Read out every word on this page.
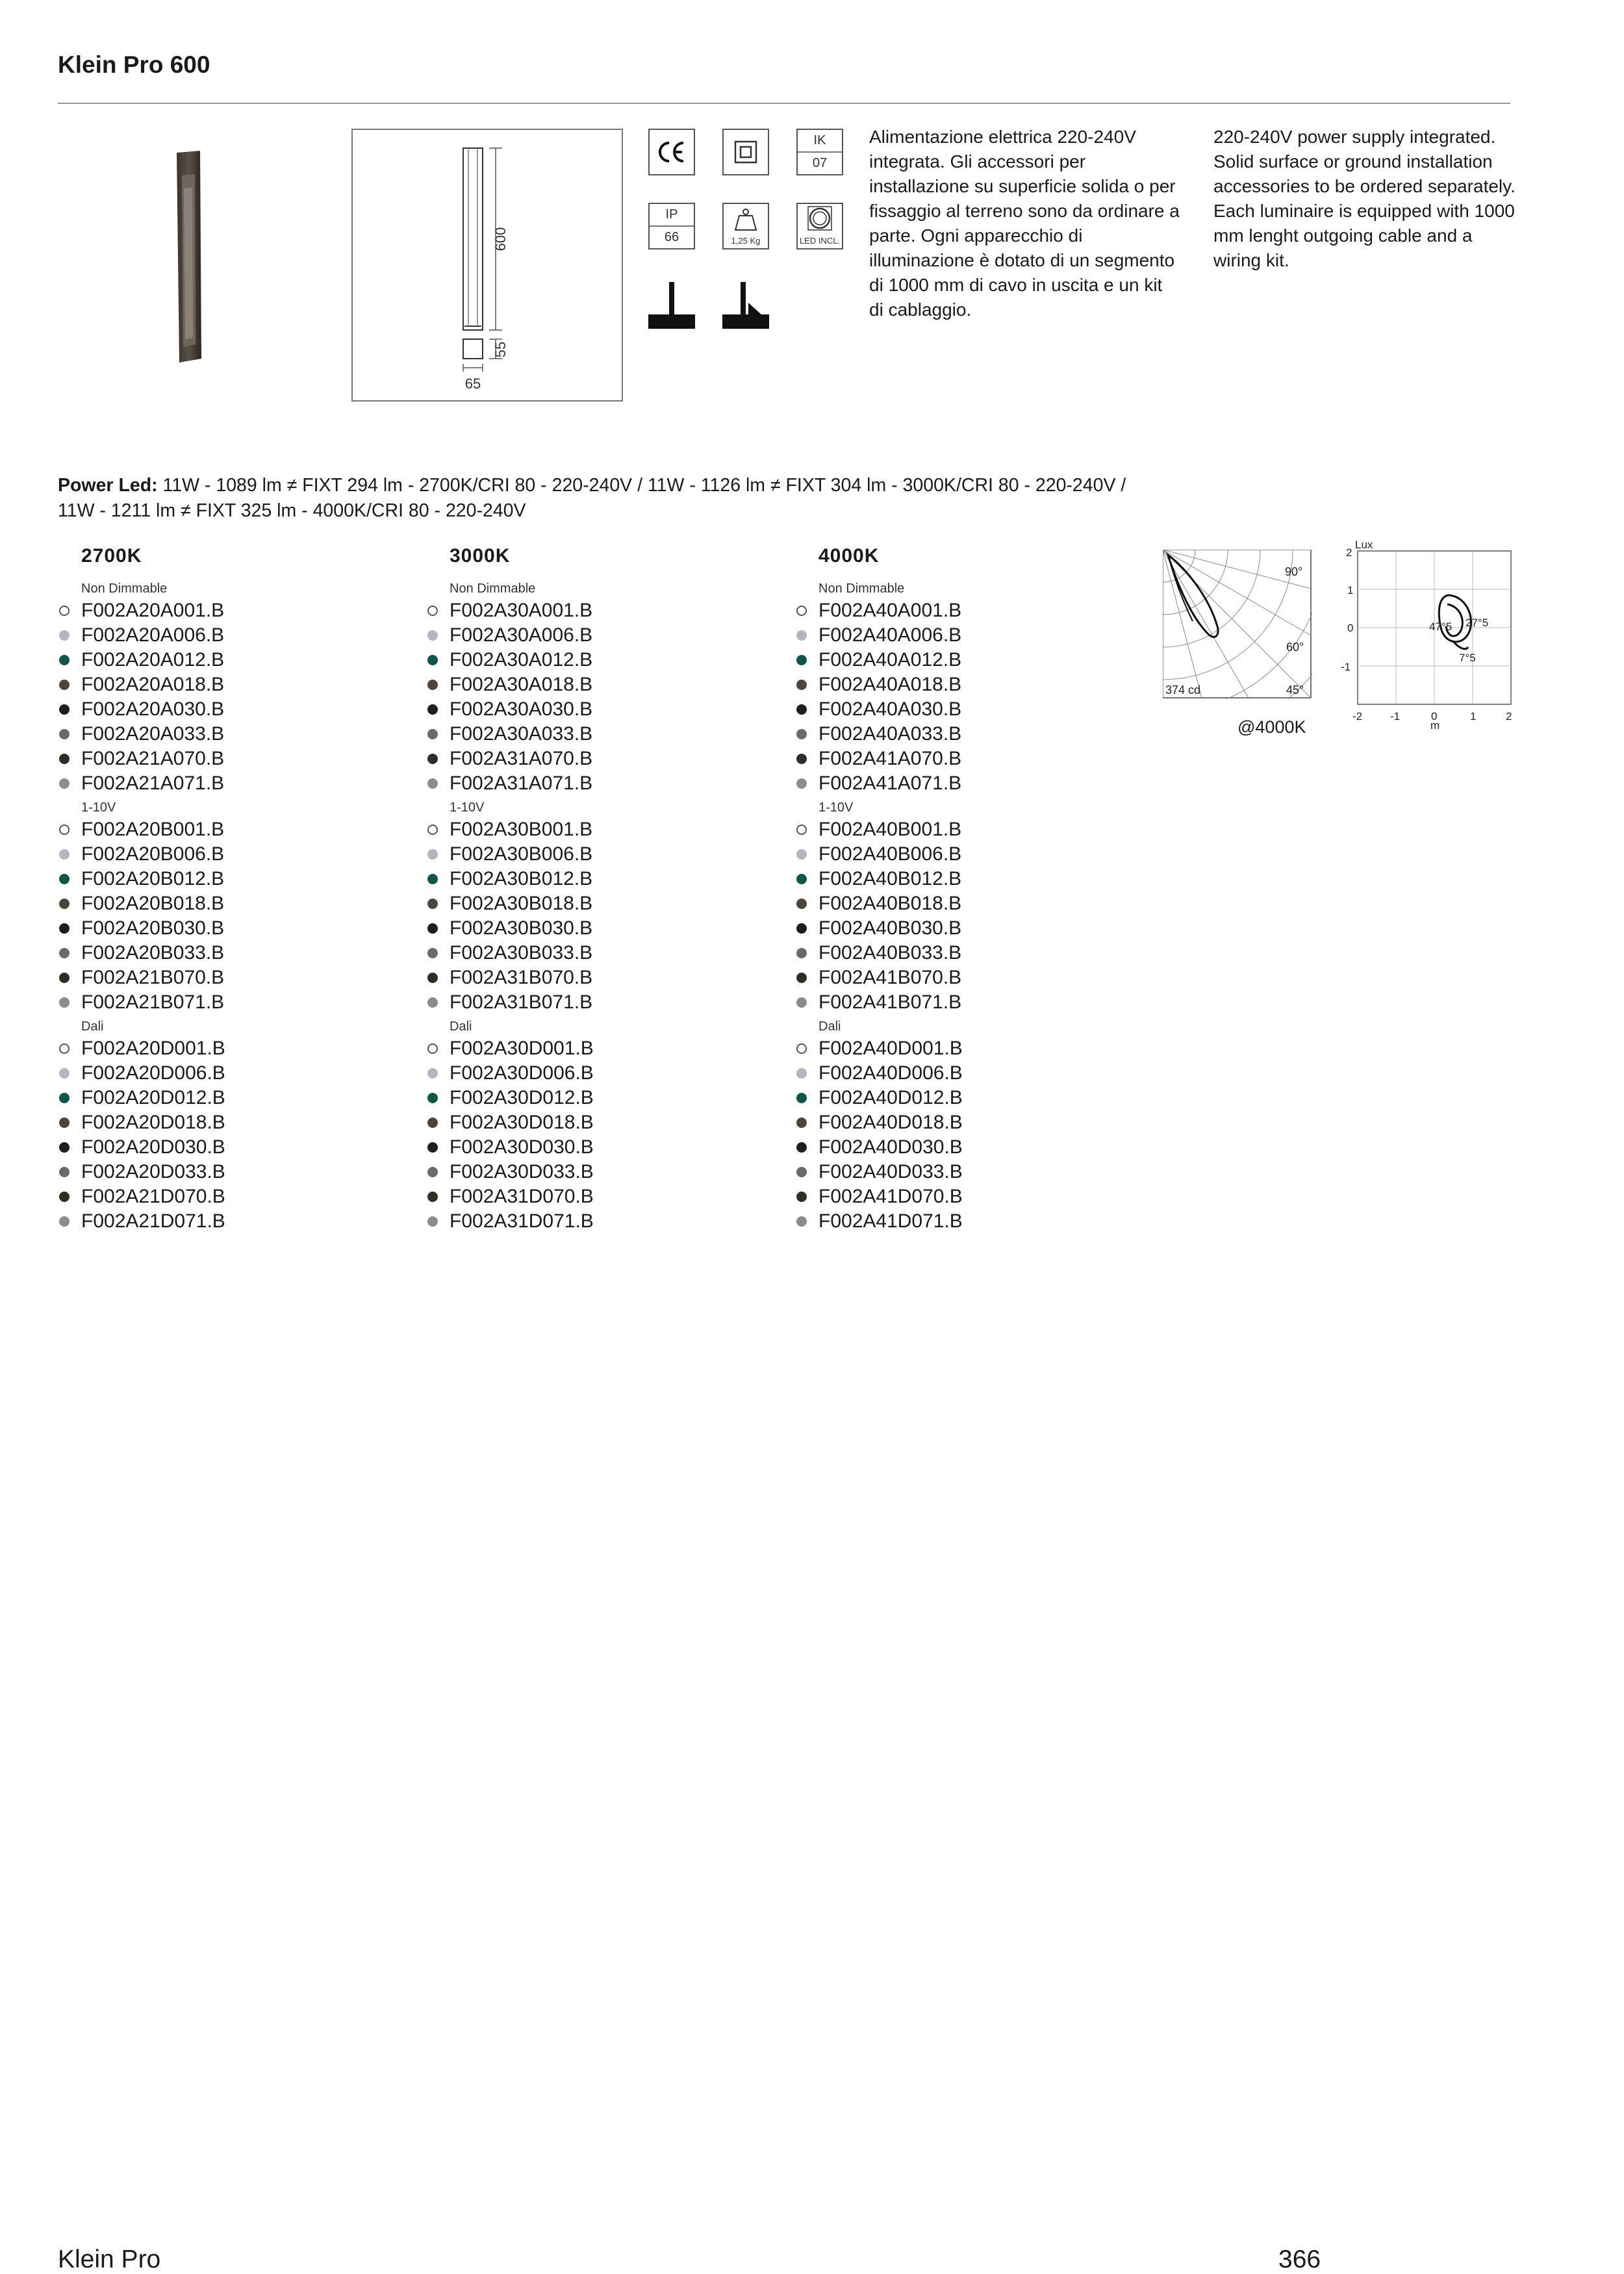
Klein Pro 600
600
55
65
IK
07
IP
66	1,25 Kg	LED INCL.
Alimentazione elettrica 220-240V integrata. Gli accessori per installazione su superficie solida o per fissaggio al terreno sono da ordinare a parte. Ogni apparecchio di illuminazione è dotato di un segmento di 1000 mm di cavo in uscita e un kit di cablaggio.
220-240V power supply integrated. Solid surface or ground installation accessories to be ordered separately.
Each luminaire is equipped with 1000 mm lenght outgoing cable and a wiring kit.
Power Led: 11W - 1089 lm ≠ FIXT 294 lm - 2700K/CRI 80 - 220-240V / 11W - 1126 lm ≠ FIXT 304 lm - 3000K/CRI 80 - 220-240V /
11W - 1211 lm ≠ FIXT 325 lm - 4000K/CRI 80 - 220-240V
2700K
Non Dimmable
F002A20A001.B
F002A20A006.B
F002A20A012.B
F002A20A018.B
F002A20A030.B
F002A20A033.B
F002A21A070.B
F002A21A071.B
1-10V
F002A20B001.B
F002A20B006.B
F002A20B012.B
F002A20B018.B
F002A20B030.B
F002A20B033.B
F002A21B070.B
F002A21B071.B
Dali
F002A20D001.B
F002A20D006.B
F002A20D012.B
F002A20D018.B
F002A20D030.B
F002A20D033.B
F002A21D070.B
F002A21D071.B
3000K
Non Dimmable
F002A30A001.B
F002A30A006.B
F002A30A012.B
F002A30A018.B
F002A30A030.B
F002A30A033.B
F002A31A070.B
F002A31A071.B
1-10V
F002A30B001.B
F002A30B006.B
F002A30B012.B
F002A30B018.B
F002A30B030.B
F002A30B033.B
F002A31B070.B
F002A31B071.B
Dali
F002A30D001.B
F002A30D006.B
F002A30D012.B
F002A30D018.B
F002A30D030.B
F002A30D033.B
F002A31D070.B
F002A31D071.B
4000K
Non Dimmable
F002A40A001.B
F002A40A006.B
F002A40A012.B
F002A40A018.B
F002A40A030.B
F002A40A033.B
F002A41A070.B
F002A41A071.B
1-10V
F002A40B001.B
F002A40B006.B
F002A40B012.B
F002A40B018.B
F002A40B030.B
F002A40B033.B
F002A41B070.B
F002A41B071.B
Dali
F002A40D001.B
F002A40D006.B
F002A40D012.B
F002A40D018.B
F002A40D030.B
F002A40D033.B
F002A41D070.B
F002A41D071.B
90°
60°
45°
374 cd
@4000K
Lux
2
1
0
-1
-2	-1	0	1	2
m
47°5 27°5
7°5
Klein Pro	366
